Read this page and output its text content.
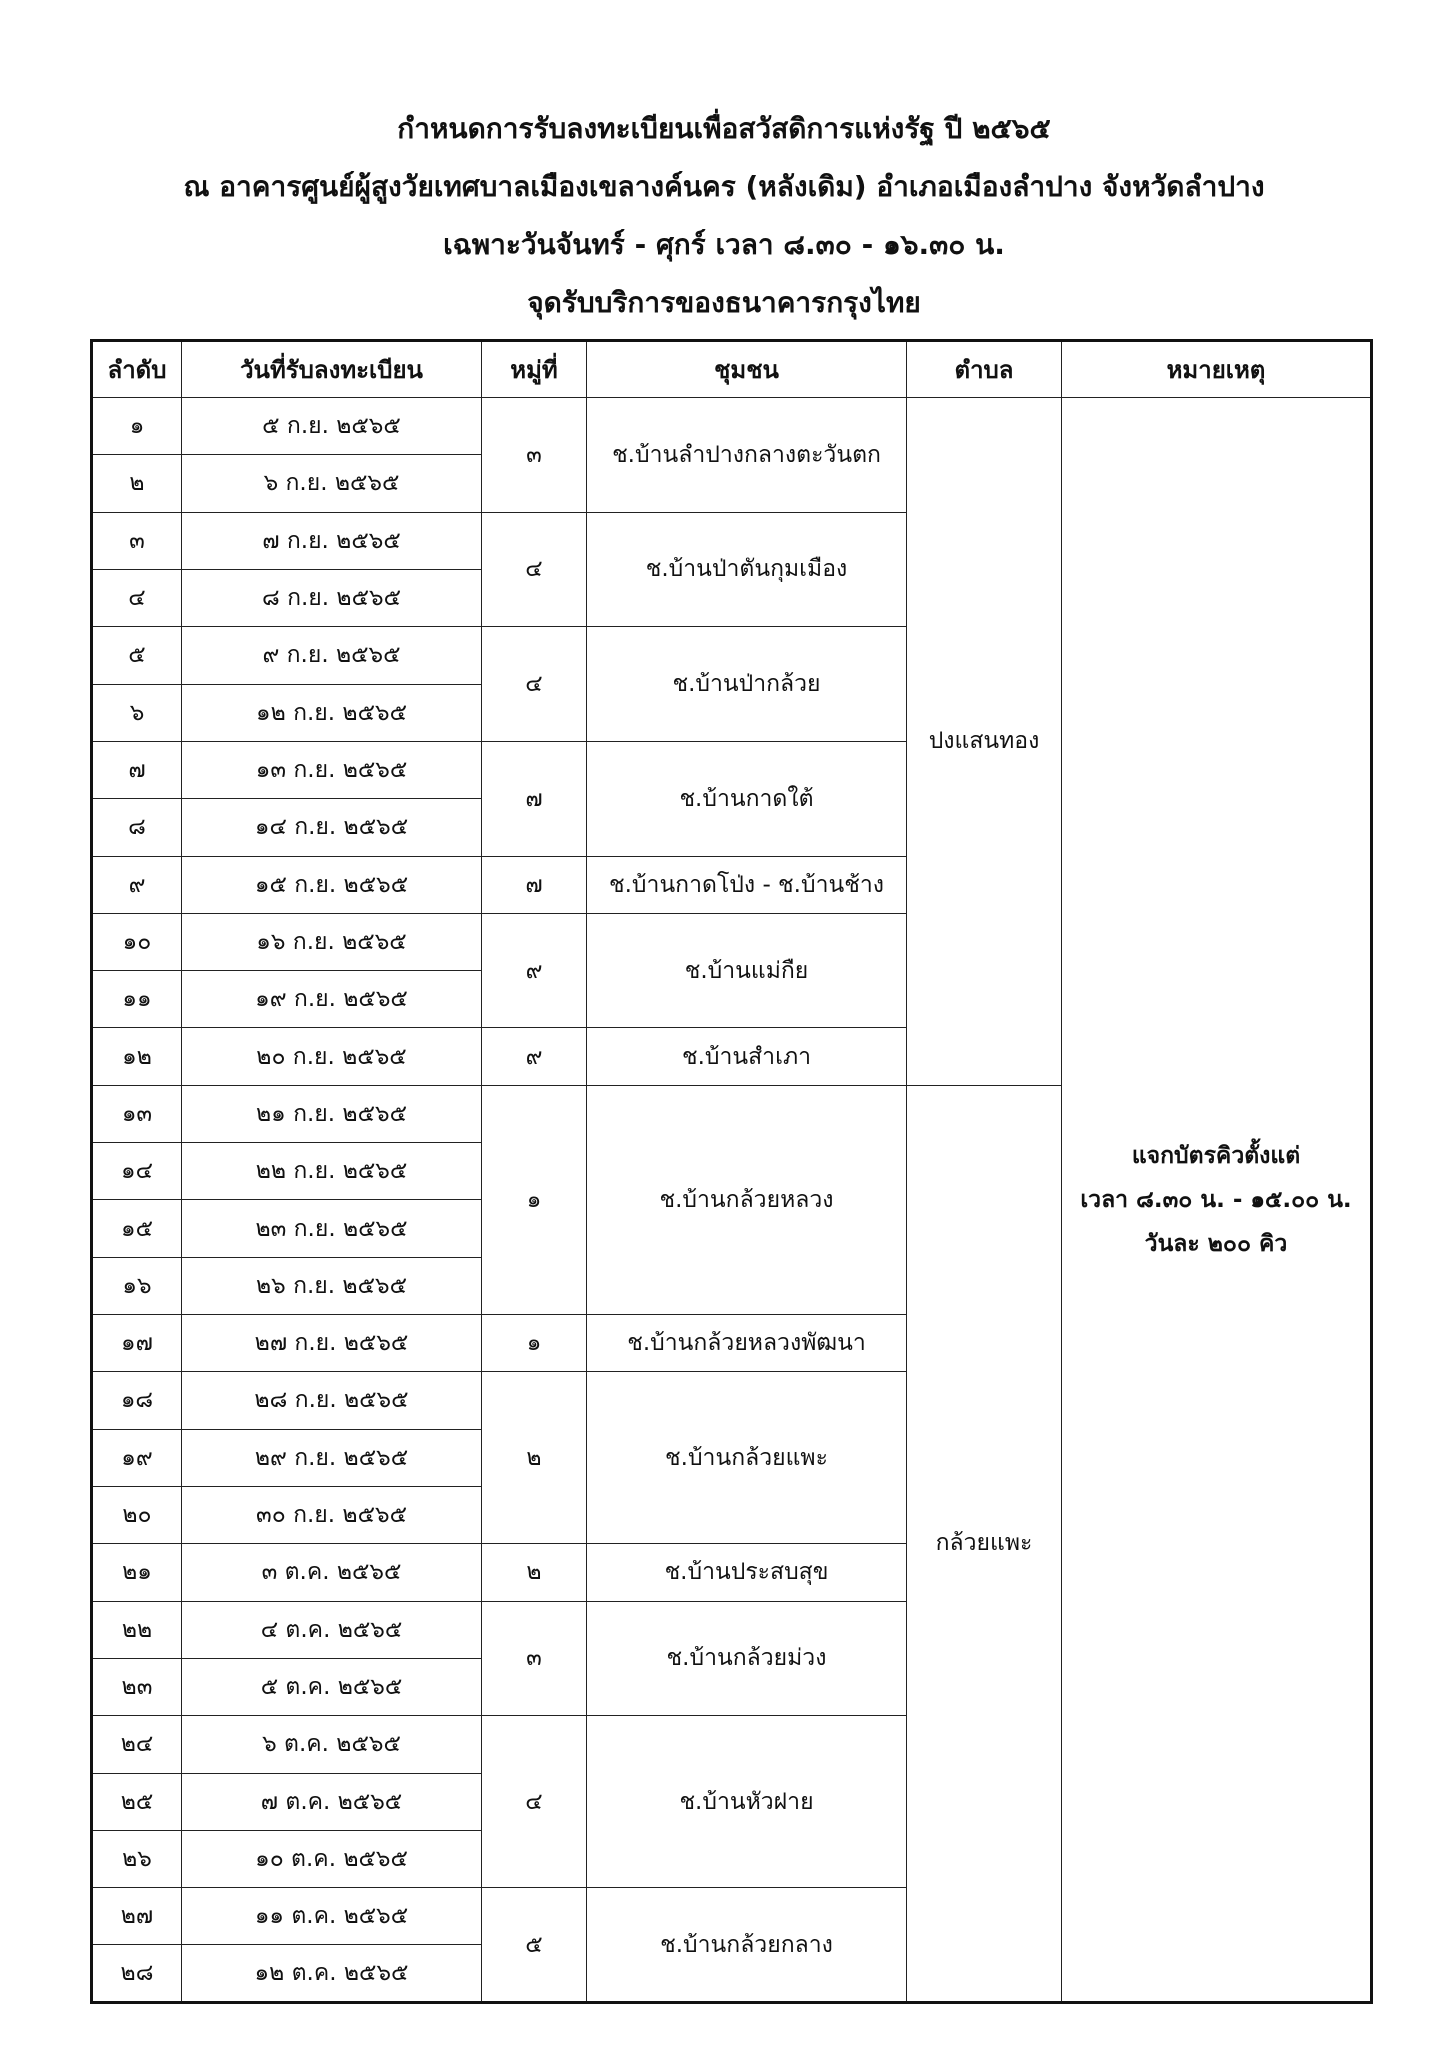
กำหนดการรับลงทะเบียนเพื่อสวัสดิการแห่งรัฐ ปี ๒๕๖๕
ณ อาคารศูนย์ผู้สูงวัยเทศบาลเมืองเขลางค์นคร (หลังเดิม) อำเภอเมืองลำปาง จังหวัดลำปาง
เฉพาะวันจันทร์ - ศุกร์ เวลา ๘.๓๐ - ๑๖.๓๐ น.
จุดรับบริการของธนาคารกรุงไทย
ลำดับ	วันที่รับลงทะเบียน	หมู่ที่	ชุมชน	ตำบล	หมายเหตุ
๑	๕ ก.ย. ๒๕๖๕	๓	ช.บ้านลำปางกลางตะวันตก	ปงแสนทอง	แจกบัตรคิวตั้งแต่
เวลา ๘.๓๐ น. - ๑๕.๐๐ น.
วันละ ๒๐๐ คิว

๒	๖ ก.ย. ๒๕๖๕				
๓	๗ ก.ย. ๒๕๖๕	๔	ช.บ้านป่าตันกุมเมือง		
๔	๘ ก.ย. ๒๕๖๕				
๕	๙ ก.ย. ๒๕๖๕	๔	ช.บ้านป่ากล้วย		
๖	๑๒ ก.ย. ๒๕๖๕				
๗	๑๓ ก.ย. ๒๕๖๕	๗	ช.บ้านกาดใต้		
๘	๑๔ ก.ย. ๒๕๖๕				
๙	๑๕ ก.ย. ๒๕๖๕	๗	ช.บ้านกาดโป่ง - ช.บ้านช้าง		
๑๐	๑๖ ก.ย. ๒๕๖๕	๙	ช.บ้านแม่กืย		
๑๑	๑๙ ก.ย. ๒๕๖๕				
๑๒	๒๐ ก.ย. ๒๕๖๕	๙	ช.บ้านสำเภา		
๑๓	๒๑ ก.ย. ๒๕๖๕	๑	ช.บ้านกล้วยหลวง	กล้วยแพะ	
๑๔	๒๒ ก.ย. ๒๕๖๕				
๑๕	๒๓ ก.ย. ๒๕๖๕				
๑๖	๒๖ ก.ย. ๒๕๖๕				
๑๗	๒๗ ก.ย. ๒๕๖๕	๑	ช.บ้านกล้วยหลวงพัฒนา		
๑๘	๒๘ ก.ย. ๒๕๖๕	๒	ช.บ้านกล้วยแพะ		
๑๙	๒๙ ก.ย. ๒๕๖๕				
๒๐	๓๐ ก.ย. ๒๕๖๕				
๒๑	๓ ต.ค. ๒๕๖๕	๒	ช.บ้านประสบสุข		
๒๒	๔ ต.ค. ๒๕๖๕	๓	ช.บ้านกล้วยม่วง		
๒๓	๕ ต.ค. ๒๕๖๕				
๒๔	๖ ต.ค. ๒๕๖๕	๔	ช.บ้านหัวฝาย		
๒๕	๗ ต.ค. ๒๕๖๕				
๒๖	๑๐ ต.ค. ๒๕๖๕				
๒๗	๑๑ ต.ค. ๒๕๖๕	๕	ช.บ้านกล้วยกลาง		
๒๘	๑๒ ต.ค. ๒๕๖๕				
